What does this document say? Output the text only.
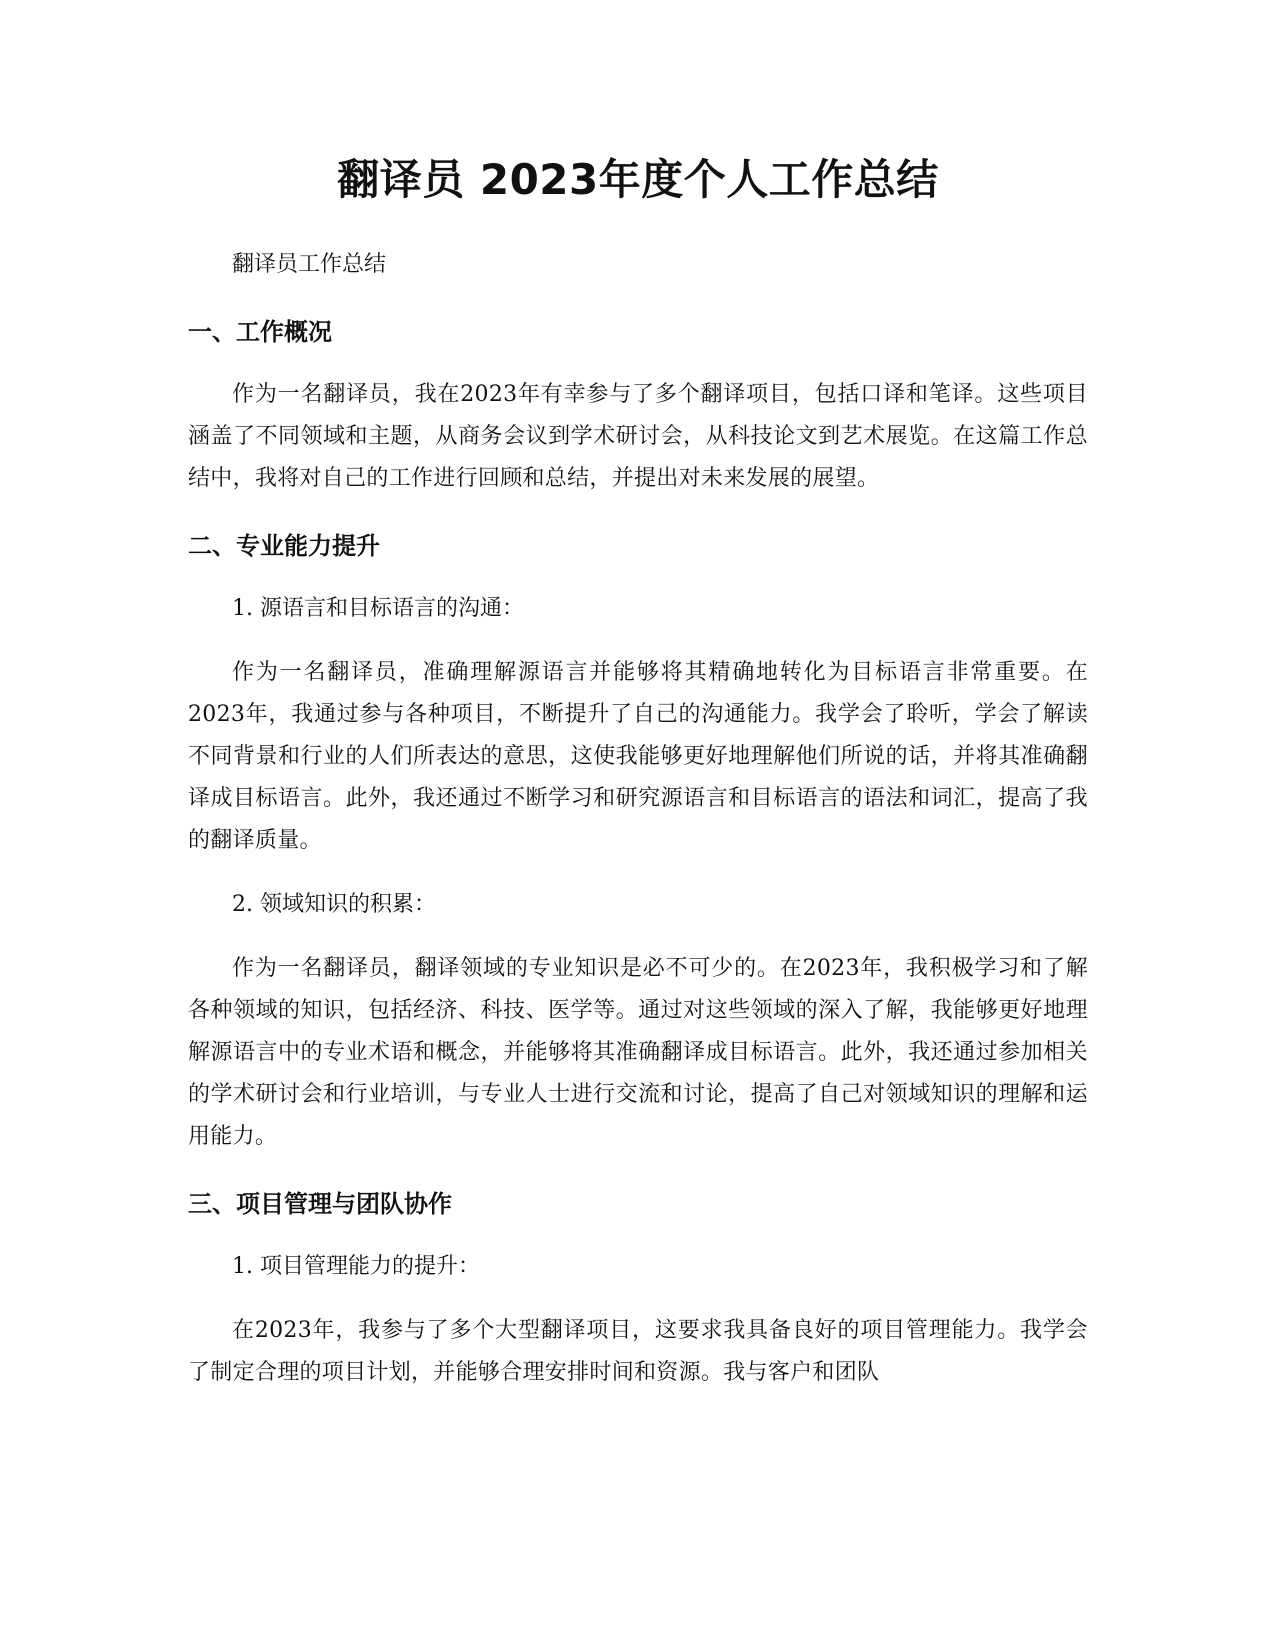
翻译员 2023年度个人工作总结

翻译员工作总结

一、工作概况

作为一名翻译员，我在2023年有幸参与了多个翻译项目，包括口译和笔译。这些项目涵盖了不同领域和主题，从商务会议到学术研讨会，从科技论文到艺术展览。在这篇工作总结中，我将对自己的工作进行回顾和总结，并提出对未来发展的展望。

二、专业能力提升

1. 源语言和目标语言的沟通：

作为一名翻译员，准确理解源语言并能够将其精确地转化为目标语言非常重要。在2023年，我通过参与各种项目，不断提升了自己的沟通能力。我学会了聆听，学会了解读不同背景和行业的人们所表达的意思，这使我能够更好地理解他们所说的话，并将其准确翻译成目标语言。此外，我还通过不断学习和研究源语言和目标语言的语法和词汇，提高了我的翻译质量。

2. 领域知识的积累：

作为一名翻译员，翻译领域的专业知识是必不可少的。在2023年，我积极学习和了解各种领域的知识，包括经济、科技、医学等。通过对这些领域的深入了解，我能够更好地理解源语言中的专业术语和概念，并能够将其准确翻译成目标语言。此外，我还通过参加相关的学术研讨会和行业培训，与专业人士进行交流和讨论，提高了自己对领域知识的理解和运用能力。

三、项目管理与团队协作

1. 项目管理能力的提升：

在2023年，我参与了多个大型翻译项目，这要求我具备良好的项目管理能力。我学会了制定合理的项目计划，并能够合理安排时间和资源。我与客户和团队
